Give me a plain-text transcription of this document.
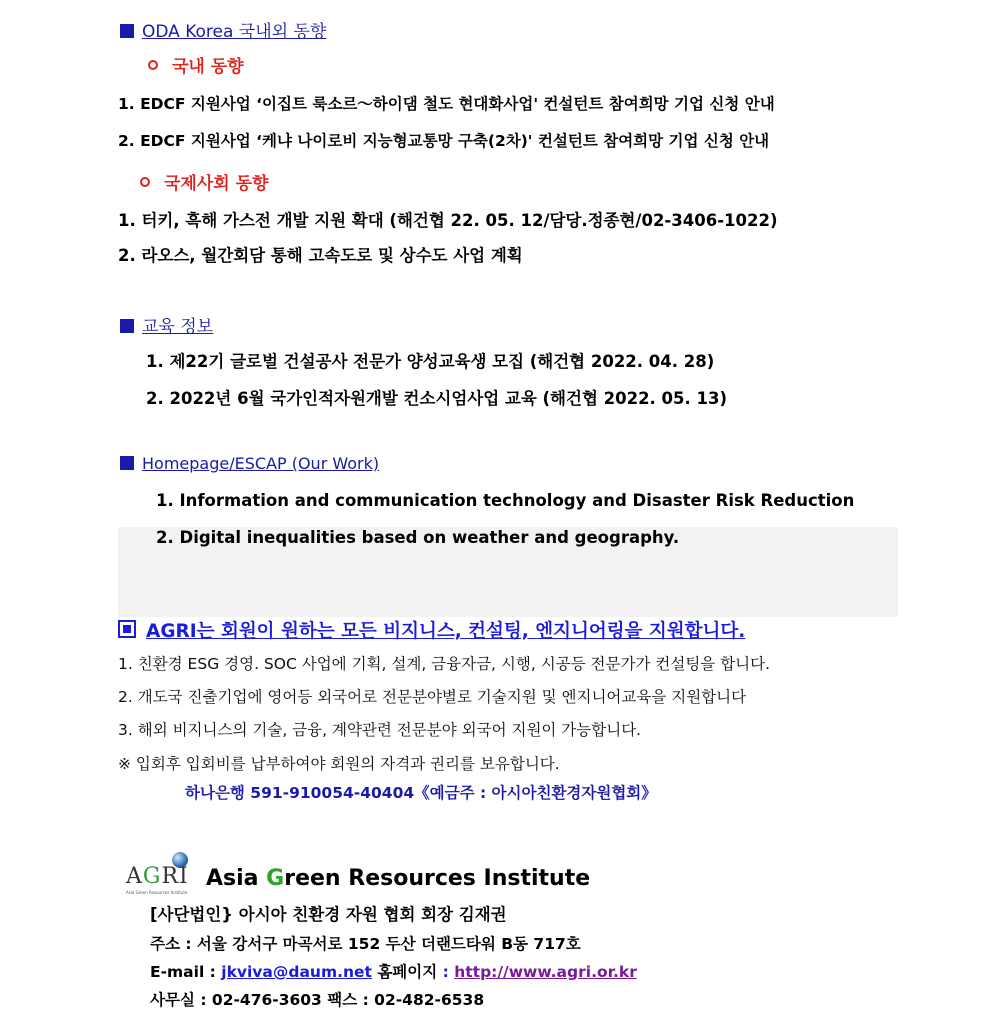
ODA Korea 국내외 동향
국내 동향
1. EDCF 지원사업 ‘이집트 룩소르～하이댐 철도 현대화사업' 컨설턴트 참여희망 기업 신청 안내
2. EDCF 지원사업 ‘케냐 나이로비 지능형교통망 구축(2차)' 컨설턴트 참여희망 기업 신청 안내
국제사회 동향
1. 터키, 흑해 가스전 개발 지원 확대 (해건협 22. 05. 12/담당.정종현/02-3406-1022)
2. 라오스, 월간회담 통해 고속도로 및 상수도 사업 계획
교육 정보
1. 제22기 글로벌 건설공사 전문가 양성교육생 모집 (해건협 2022. 04. 28)
2. 2022년 6월 국가인적자원개발 컨소시엄사업 교육 (해건협 2022. 05. 13)
Homepage/ESCAP (Our Work)
1. Information and communication technology and Disaster Risk Reduction
2. Digital inequalities based on weather and geography.
AGRI는 회원이 원하는 모든 비지니스, 컨설팅, 엔지니어링을 지원합니다.
1. 친환경 ESG 경영. SOC 사업에 기획, 설계, 금융자금, 시행, 시공등 전문가가 컨설팅을 합니다.
2. 개도국 진출기업에 영어등 외국어로 전문분야별로 기술지원 및 엔지니어교육을 지원합니다
3. 해외 비지니스의 기술, 금융, 계약관련 전문분야 외국어 지원이 가능합니다.
※ 입회후 입회비를 납부하여야 회원의 자격과 권리를 보유합니다.
하나은행 591-910054-40404《예금주 : 아시아친환경자원협회》
AGRI
Asia Green Resources Institute
Asia Green Resources Institute
[사단법인} 아시아 친환경 자원 협회 회장 김재권
주소 : 서울 강서구 마곡서로 152 두산 더랜드타워 B동 717호
E-mail : jkviva@daum.net 홈페이지 : http://www.agri.or.kr
사무실 : 02-476-3603 팩스 : 02-482-6538
